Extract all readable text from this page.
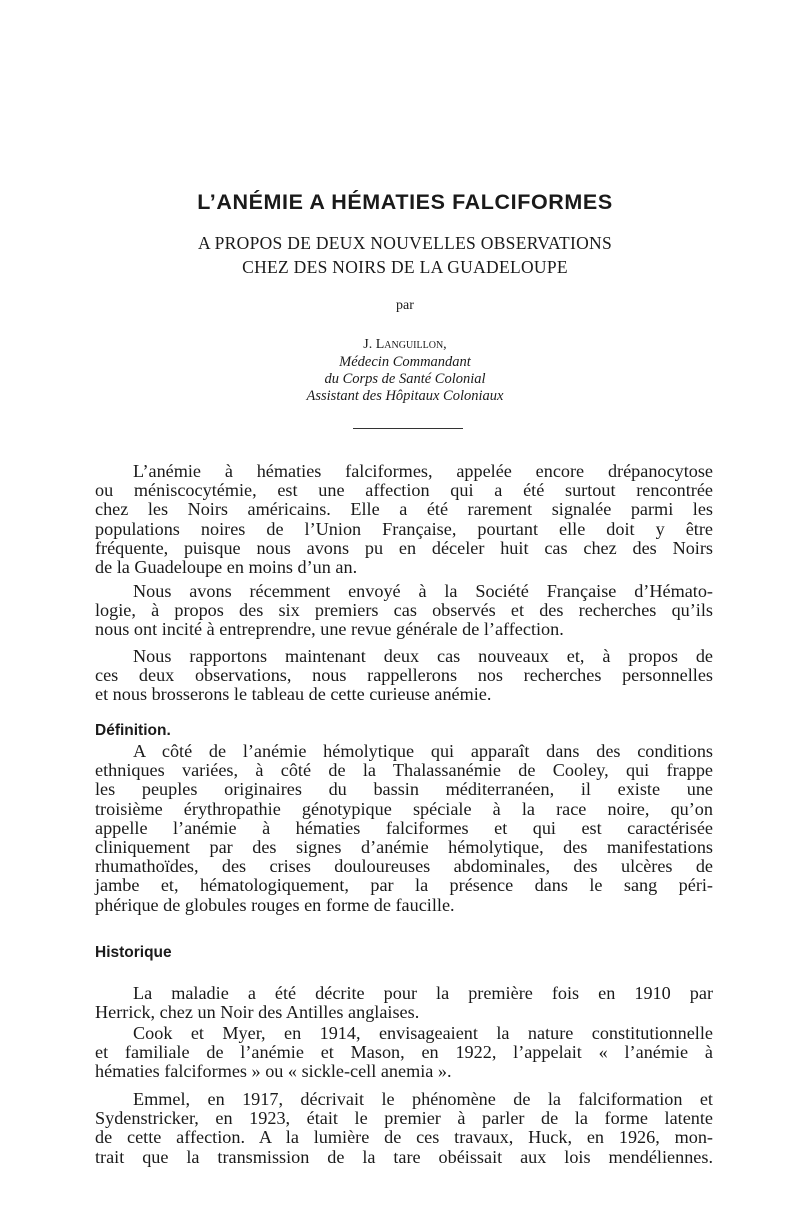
L’ANÉMIE A HÉMATIES FALCIFORMES
A PROPOS DE DEUX NOUVELLES OBSERVATIONS
CHEZ DES NOIRS DE LA GUADELOUPE
par
J. Languillon,
Médecin Commandant
du Corps de Santé Colonial
Assistant des Hôpitaux Coloniaux
L’anémie à hématies falciformes, appelée encore drépanocytose
ou méniscocytémie, est une affection qui a été surtout rencontrée
chez les Noirs américains. Elle a été rarement signalée parmi les
populations noires de l’Union Française, pourtant elle doit y être
fréquente, puisque nous avons pu en déceler huit cas chez des Noirs
de la Guadeloupe en moins d’un an.
Nous avons récemment envoyé à la Société Française d’Hémato-
logie, à propos des six premiers cas observés et des recherches qu’ils
nous ont incité à entreprendre, une revue générale de l’affection.
Nous rapportons maintenant deux cas nouveaux et, à propos de
ces deux observations, nous rappellerons nos recherches personnelles
et nous brosserons le tableau de cette curieuse anémie.
Définition.
A côté de l’anémie hémolytique qui apparaît dans des conditions
ethniques variées, à côté de la Thalassanémie de Cooley, qui frappe
les peuples originaires du bassin méditerranéen, il existe une
troisième érythropathie génotypique spéciale à la race noire, qu’on
appelle l’anémie à hématies falciformes et qui est caractérisée
cliniquement par des signes d’anémie hémolytique, des manifestations
rhumathoïdes, des crises douloureuses abdominales, des ulcères de
jambe et, hématologiquement, par la présence dans le sang péri-
phérique de globules rouges en forme de faucille.
Historique
La maladie a été décrite pour la première fois en 1910 par
Herrick, chez un Noir des Antilles anglaises.
Cook et Myer, en 1914, envisageaient la nature constitutionnelle
et familiale de l’anémie et Mason, en 1922, l’appelait « l’anémie à
hématies falciformes » ou « sickle-cell anemia ».
Emmel, en 1917, décrivait le phénomène de la falciformation et
Sydenstricker, en 1923, était le premier à parler de la forme latente
de cette affection. A la lumière de ces travaux, Huck, en 1926, mon-
trait que la transmission de la tare obéissait aux lois mendéliennes.
